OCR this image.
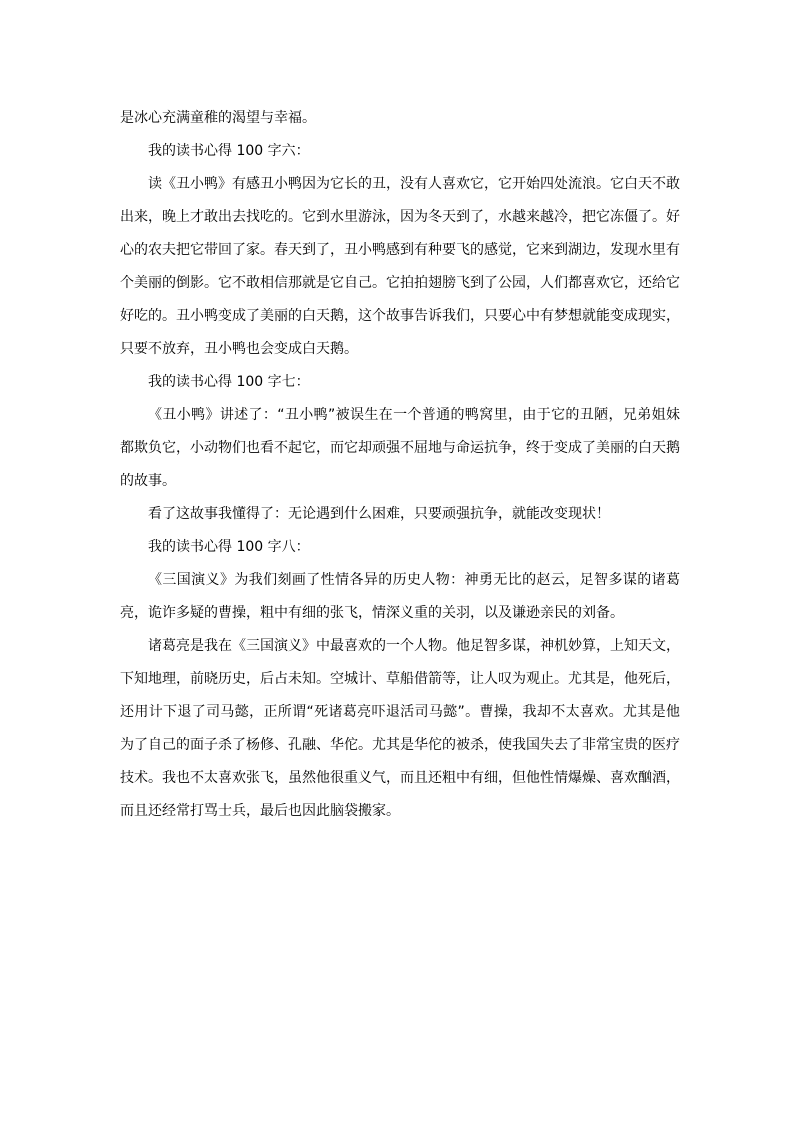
是冰心充满童稚的渴望与幸福。

我的读书心得 100 字六：

读《丑小鸭》有感丑小鸭因为它长的丑，没有人喜欢它，它开始四处流浪。它白天不敢出来，晚上才敢出去找吃的。它到水里游泳，因为冬天到了，水越来越冷，把它冻僵了。好心的农夫把它带回了家。春天到了，丑小鸭感到有种要飞的感觉，它来到湖边，发现水里有个美丽的倒影。它不敢相信那就是它自己。它拍拍翅膀飞到了公园，人们都喜欢它，还给它好吃的。丑小鸭变成了美丽的白天鹅，这个故事告诉我们，只要心中有梦想就能变成现实，只要不放弃，丑小鸭也会变成白天鹅。

我的读书心得 100 字七：

《丑小鸭》讲述了：“丑小鸭”被误生在一个普通的鸭窝里，由于它的丑陋，兄弟姐妹都欺负它，小动物们也看不起它，而它却顽强不屈地与命运抗争，终于变成了美丽的白天鹅的故事。

看了这故事我懂得了：无论遇到什么困难，只要顽强抗争，就能改变现状！

我的读书心得 100 字八：

《三国演义》为我们刻画了性情各异的历史人物：神勇无比的赵云，足智多谋的诸葛亮，诡诈多疑的曹操，粗中有细的张飞，情深义重的关羽，以及谦逊亲民的刘备。

诸葛亮是我在《三国演义》中最喜欢的一个人物。他足智多谋，神机妙算，上知天文，下知地理，前晓历史，后占未知。空城计、草船借箭等，让人叹为观止。尤其是，他死后，还用计下退了司马懿，正所谓“死诸葛亮吓退活司马懿”。曹操，我却不太喜欢。尤其是他为了自己的面子杀了杨修、孔融、华佗。尤其是华佗的被杀，使我国失去了非常宝贵的医疗技术。我也不太喜欢张飞，虽然他很重义气，而且还粗中有细，但他性情爆燥、喜欢酗酒，而且还经常打骂士兵，最后也因此脑袋搬家。
